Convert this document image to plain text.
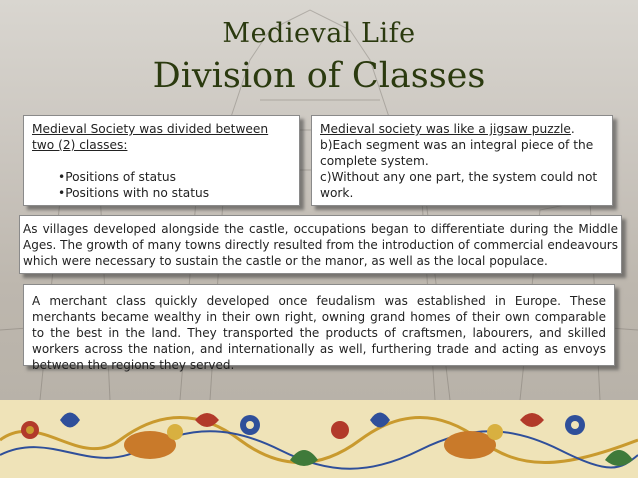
Medieval Life
Division of Classes
Medieval Society was divided between
two (2) classes:
•Positions of status
•Positions with no status
Medieval society was like a jigsaw puzzle.
b)Each segment was an integral piece of the complete system.
c)Without any one part, the system could not work.
As villages developed alongside the castle, occupations began to differentiate during the Middle Ages. The growth of many towns directly resulted from the introduction of commercial endeavours which were necessary to sustain the castle or the manor, as well as the local populace.
A merchant class quickly developed once feudalism was established in Europe. These merchants became wealthy in their own right, owning grand homes of their own comparable to the best in the land. They transported the products of craftsmen, labourers, and skilled workers across the nation, and internationally as well, furthering trade and acting as envoys between the regions they served.
